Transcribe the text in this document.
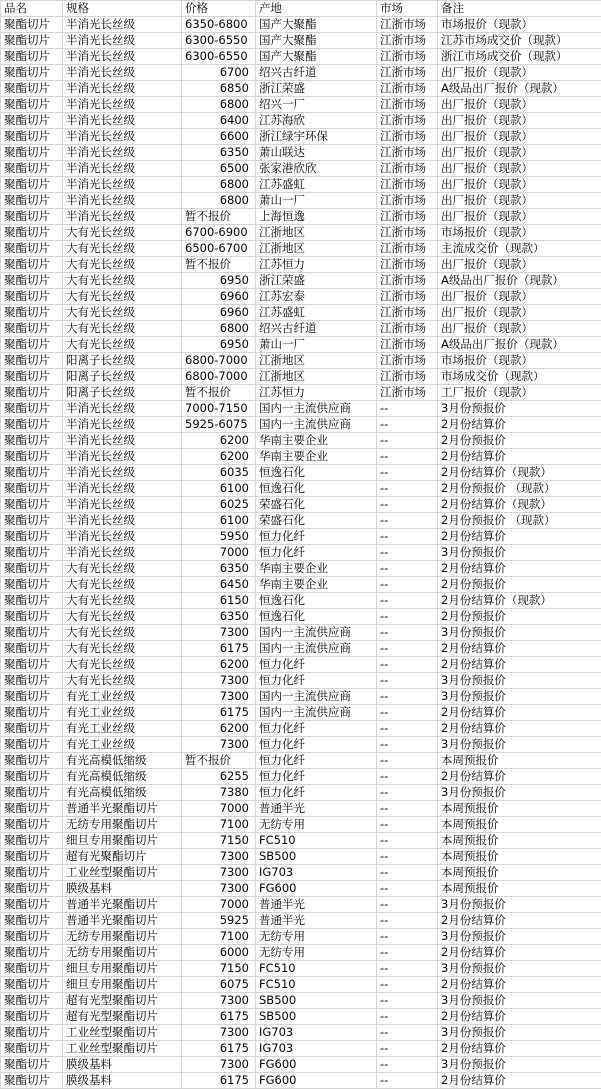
品名	规格	价格	产地	市场	备注
聚酯切片	半消光长丝级	6350-6800	国产大聚酯	江浙市场	市场报价（现款）
聚酯切片	半消光长丝级	6300-6550	国产大聚酯	江浙市场	江苏市场成交价（现款）
聚酯切片	半消光长丝级	6300-6550	国产大聚酯	江浙市场	浙江市场成交价（现款）
聚酯切片	半消光长丝级	6700	绍兴古纤道	江浙市场	出厂报价（现款）
聚酯切片	半消光长丝级	6850	浙江荣盛	江浙市场	A级品出厂报价（现款）
聚酯切片	半消光长丝级	6800	绍兴一厂	江浙市场	出厂报价（现款）
聚酯切片	半消光长丝级	6400	江苏海欣	江浙市场	出厂报价（现款）
聚酯切片	半消光长丝级	6600	浙江绿宇环保	江浙市场	出厂报价（现款）
聚酯切片	半消光长丝级	6350	萧山联达	江浙市场	出厂报价（现款）
聚酯切片	半消光长丝级	6500	张家港欣欣	江浙市场	出厂报价（现款）
聚酯切片	半消光长丝级	6800	江苏盛虹	江浙市场	出厂报价（现款）
聚酯切片	半消光长丝级	6800	萧山一厂	江浙市场	出厂报价（现款）
聚酯切片	半消光长丝级	暂不报价	上海恒逸	江浙市场	出厂报价（现款）
聚酯切片	大有光长丝级	6700-6900	江浙地区	江浙市场	市场报价（现款）
聚酯切片	大有光长丝级	6500-6700	江浙地区	江浙市场	主流成交价（现款）
聚酯切片	大有光长丝级	暂不报价	江苏恒力	江浙市场	出厂报价（现款）
聚酯切片	大有光长丝级	6950	浙江荣盛	江浙市场	A级品出厂报价（现款）
聚酯切片	大有光长丝级	6960	江苏宏泰	江浙市场	出厂报价（现款）
聚酯切片	大有光长丝级	6960	江苏盛虹	江浙市场	出厂报价（现款）
聚酯切片	大有光长丝级	6800	绍兴古纤道	江浙市场	出厂报价（现款）
聚酯切片	大有光长丝级	6950	萧山一厂	江浙市场	A级品出厂报价（现款）
聚酯切片	阳离子长丝级	6800-7000	江浙地区	江浙市场	市场报价（现款）
聚酯切片	阳离子长丝级	6800-7000	江浙地区	江浙市场	市场成交价（现款）
聚酯切片	阳离子长丝级	暂不报价	江苏恒力	江浙市场	工厂报价（现款）
聚酯切片	半消光长丝级	7000-7150	国内一主流供应商	--	3月份预报价
聚酯切片	半消光长丝级	5925-6075	国内一主流供应商	--	2月份结算价
聚酯切片	半消光长丝级	6200	华南主要企业	--	2月份预报价
聚酯切片	半消光长丝级	6200	华南主要企业	--	2月份结算价
聚酯切片	半消光长丝级	6035	恒逸石化	--	2月份结算价（现款）
聚酯切片	半消光长丝级	6100	恒逸石化	--	2月份预报价 （现款）
聚酯切片	半消光长丝级	6025	荣盛石化	--	2月份结算价（现款）
聚酯切片	半消光长丝级	6100	荣盛石化	--	2月份预报价 （现款）
聚酯切片	半消光长丝级	5950	恒力化纤	--	2月份结算价
聚酯切片	半消光长丝级	7000	恒力化纤	--	3月份预报价
聚酯切片	大有光长丝级	6350	华南主要企业	--	2月份结算价
聚酯切片	大有光长丝级	6450	华南主要企业	--	2月份预报价
聚酯切片	大有光长丝级	6150	恒逸石化	--	2月份结算价（现款）
聚酯切片	大有光长丝级	6350	恒逸石化	--	2月份预报价
聚酯切片	大有光长丝级	7300	国内一主流供应商	--	3月份预报价
聚酯切片	大有光长丝级	6175	国内一主流供应商	--	2月份结算价
聚酯切片	大有光长丝级	6200	恒力化纤	--	2月份结算价
聚酯切片	大有光长丝级	7300	恒力化纤	--	3月份预报价
聚酯切片	有光工业丝级	7300	国内一主流供应商	--	3月份预报价
聚酯切片	有光工业丝级	6175	国内一主流供应商	--	2月份结算价
聚酯切片	有光工业丝级	6200	恒力化纤	--	2月份结算价
聚酯切片	有光工业丝级	7300	恒力化纤	--	3月份预报价
聚酯切片	有光高模低缩级	暂不报价	恒力化纤	--	本周预报价
聚酯切片	有光高模低缩级	6255	恒力化纤	--	2月份结算价
聚酯切片	有光高模低缩级	7380	恒力化纤	--	3月份预报价
聚酯切片	普通半光聚酯切片	7000	普通半光	--	本周预报价
聚酯切片	无纺专用聚酯切片	7100	无纺专用	--	本周预报价
聚酯切片	细旦专用聚酯切片	7150	FC510	--	本周预报价
聚酯切片	超有光聚酯切片	7300	SB500	--	本周预报价
聚酯切片	工业丝型聚酯切片	7300	IG703	--	本周预报价
聚酯切片	膜级基料	7300	FG600	--	本周预报价
聚酯切片	普通半光聚酯切片	7000	普通半光	--	3月份预报价
聚酯切片	普通半光聚酯切片	5925	普通半光	--	2月份结算价
聚酯切片	无纺专用聚酯切片	7100	无纺专用	--	3月份预报价
聚酯切片	无纺专用聚酯切片	6000	无纺专用	--	2月份结算价
聚酯切片	细旦专用聚酯切片	7150	FC510	--	3月份预报价
聚酯切片	细旦专用聚酯切片	6075	FC510	--	2月份结算价
聚酯切片	超有光型聚酯切片	7300	SB500	--	3月份预报价
聚酯切片	超有光型聚酯切片	6175	SB500	--	2月份结算价
聚酯切片	工业丝型聚酯切片	7300	IG703	--	3月份预报价
聚酯切片	工业丝型聚酯切片	6175	IG703	--	2月份结算价
聚酯切片	膜级基料	7300	FG600	--	3月份预报价
聚酯切片	膜级基料	6175	FG600	--	2月份结算价
